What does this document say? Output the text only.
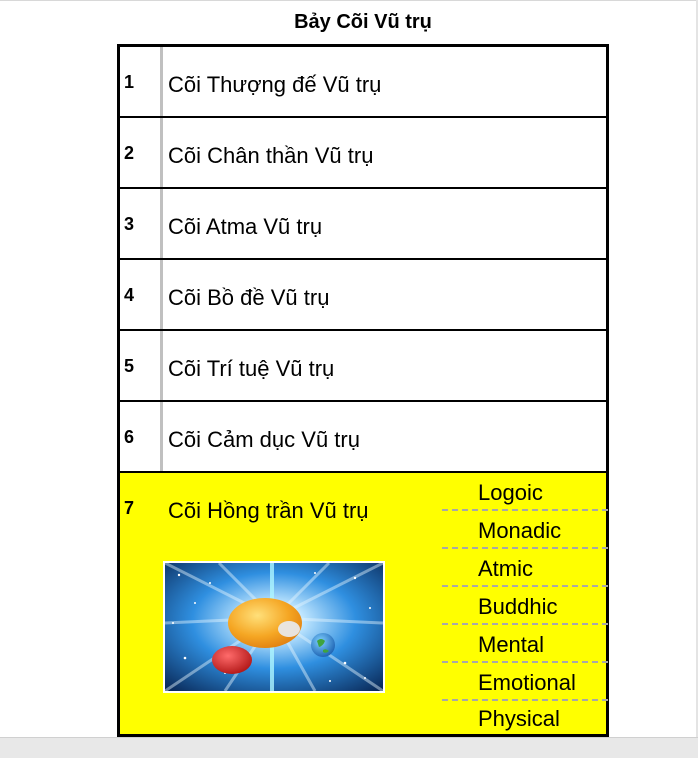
Bảy Cõi Vũ trụ
1 Cõi Thượng đế Vũ trụ
2 Cõi Chân thần Vũ trụ
3 Cõi Atma Vũ trụ
4 Cõi Bồ đề Vũ trụ
5 Cõi Trí tuệ Vũ trụ
6 Cõi Cảm dục Vũ trụ
7 Cõi Hồng trần Vũ trụ
Logoic
Monadic
Atmic
Buddhic
Mental
Emotional
Physical
